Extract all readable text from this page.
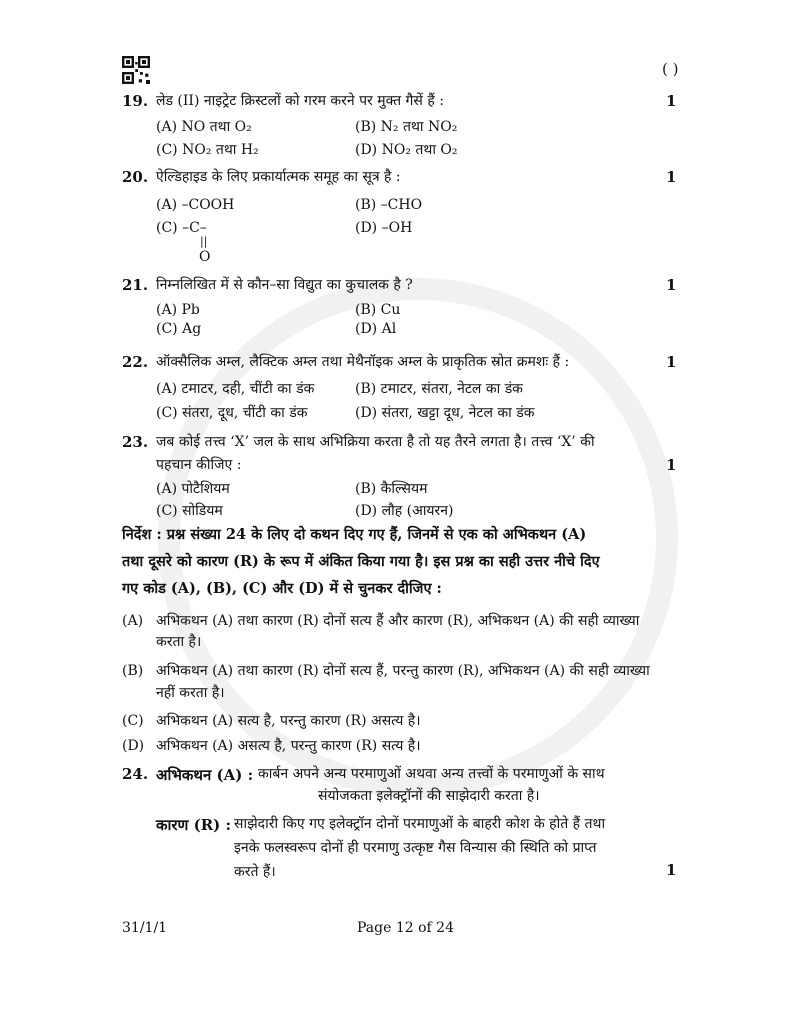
( )
19. लेड (II) नाइट्रेट क्रिस्टलों को गरम करने पर मुक्त गैसें हैं :	1
(A) NO तथा O₂	(B) N₂ तथा NO₂
(C) NO₂ तथा H₂	(D) NO₂ तथा O₂
20. ऐल्डिहाइड के लिए प्रकार्यात्मक समूह का सूत्र है :	1
(A) –COOH	(B) –CHO
(C) –C–
||
O
(D) –OH
21. निम्नलिखित में से कौन–सा विद्युत का कुचालक है ?	1
(A) Pb	(B) Cu
(C) Ag	(D) Al
22. ऑक्सैलिक अम्ल, लैक्टिक अम्ल तथा मेथैनॉइक अम्ल के प्राकृतिक स्रोत क्रमशः हैं :	1
(A) टमाटर, दही, चींटी का डंक	(B) टमाटर, संतरा, नेटल का डंक
(C) संतरा, दूध, चींटी का डंक	(D) संतरा, खट्टा दूध, नेटल का डंक
23. जब कोई तत्त्व ‘X’ जल के साथ अभिक्रिया करता है तो यह तैरने लगता है। तत्त्व ‘X’ की
पहचान कीजिए :	1
(A) पोटैशियम	(B) कैल्सियम
(C) सोडियम	(D) लौह (आयरन)
निर्देश : प्रश्न संख्या 24 के लिए दो कथन दिए गए हैं, जिनमें से एक को अभिकथन (A)
तथा दूसरे को कारण (R) के रूप में अंकित किया गया है। इस प्रश्न का सही उत्तर नीचे दिए
गए कोड (A), (B), (C) और (D) में से चुनकर दीजिए :
(A) अभिकथन (A) तथा कारण (R) दोनों सत्य हैं और कारण (R), अभिकथन (A) की सही व्याख्या
करता है।
(B) अभिकथन (A) तथा कारण (R) दोनों सत्य हैं, परन्तु कारण (R), अभिकथन (A) की सही व्याख्या
नहीं करता है।
(C) अभिकथन (A) सत्य है, परन्तु कारण (R) असत्य है।
(D) अभिकथन (A) असत्य है, परन्तु कारण (R) सत्य है।
24. अभिकथन (A) : कार्बन अपने अन्य परमाणुओं अथवा अन्य तत्त्वों के परमाणुओं के साथ
संयोजकता इलेक्ट्रॉनों की साझेदारी करता है।
कारण (R) : साझेदारी किए गए इलेक्ट्रॉन दोनों परमाणुओं के बाहरी कोश के होते हैं तथा
इनके फलस्वरूप दोनों ही परमाणु उत्कृष्ट गैस विन्यास की स्थिति को प्राप्त
करते हैं।	1
31/1/1	Page 12 of 24
